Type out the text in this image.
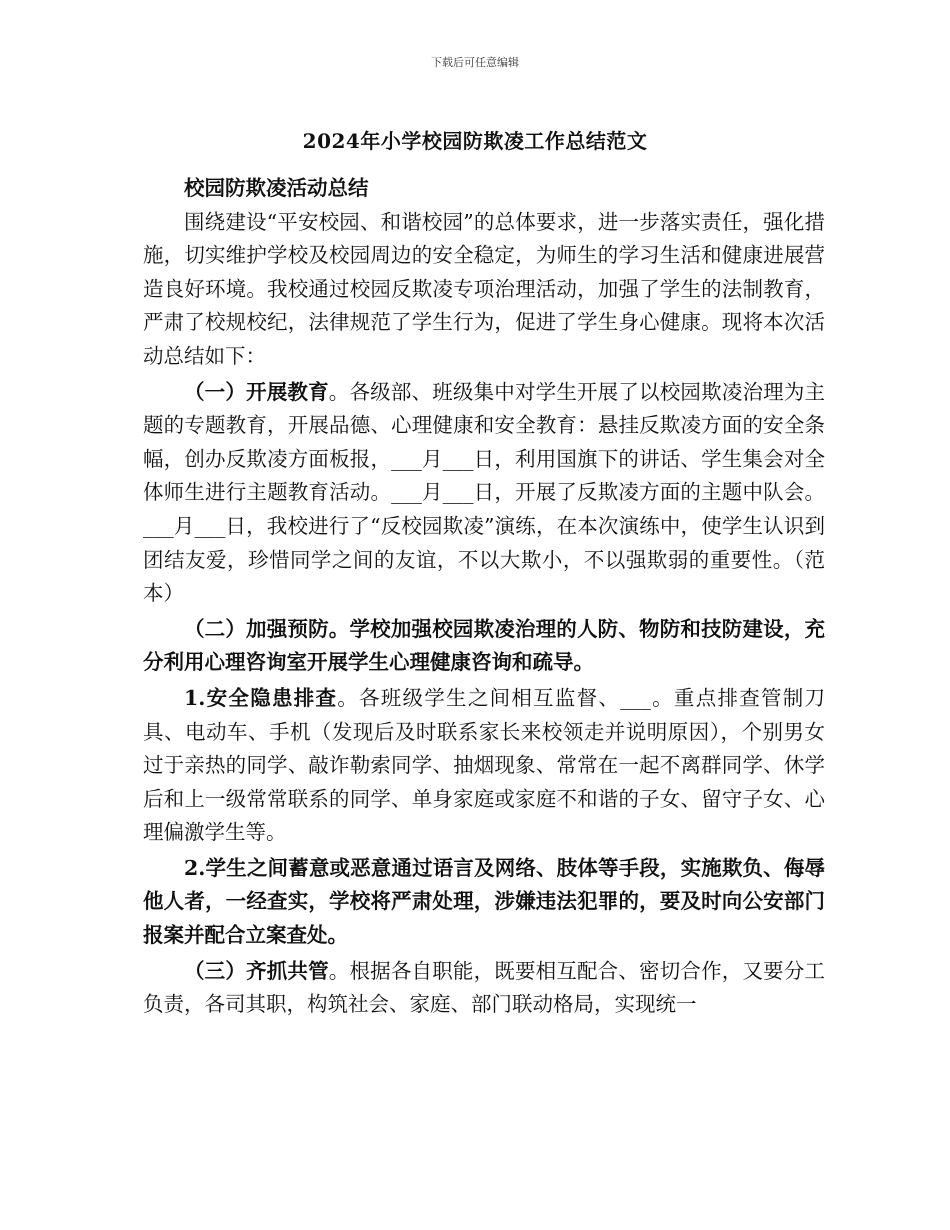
下载后可任意编辑
2024年小学校园防欺凌工作总结范文

校园防欺凌活动总结

围绕建设“平安校园、和谐校园”的总体要求，进一步落实责任，强化措施，切实维护学校及校园周边的安全稳定，为师生的学习生活和健康进展营造良好环境。我校通过校园反欺凌专项治理活动，加强了学生的法制教育，严肃了校规校纪，法律规范了学生行为，促进了学生身心健康。现将本次活动总结如下：

（一）开展教育。各级部、班级集中对学生开展了以校园欺凌治理为主题的专题教育，开展品德、心理健康和安全教育：悬挂反欺凌方面的安全条幅，创办反欺凌方面板报，___月___日，利用国旗下的讲话、学生集会对全体师生进行主题教育活动。___月___日，开展了反欺凌方面的主题中队会。___月___日，我校进行了“反校园欺凌”演练，在本次演练中，使学生认识到团结友爱，珍惜同学之间的友谊，不以大欺小，不以强欺弱的重要性。（范本）

（二）加强预防。学校加强校园欺凌治理的人防、物防和技防建设，充分利用心理咨询室开展学生心理健康咨询和疏导。

1.安全隐患排查。各班级学生之间相互监督、___。重点排查管制刀具、电动车、手机（发现后及时联系家长来校领走并说明原因），个别男女过于亲热的同学、敲诈勒索同学、抽烟现象、常常在一起不离群同学、休学后和上一级常常联系的同学、单身家庭或家庭不和谐的子女、留守子女、心理偏激学生等。

2.学生之间蓄意或恶意通过语言及网络、肢体等手段，实施欺负、侮辱他人者，一经查实，学校将严肃处理，涉嫌违法犯罪的，要及时向公安部门报案并配合立案查处。

（三）齐抓共管。根据各自职能，既要相互配合、密切合作，又要分工负责，各司其职，构筑社会、家庭、部门联动格局，实现统一
